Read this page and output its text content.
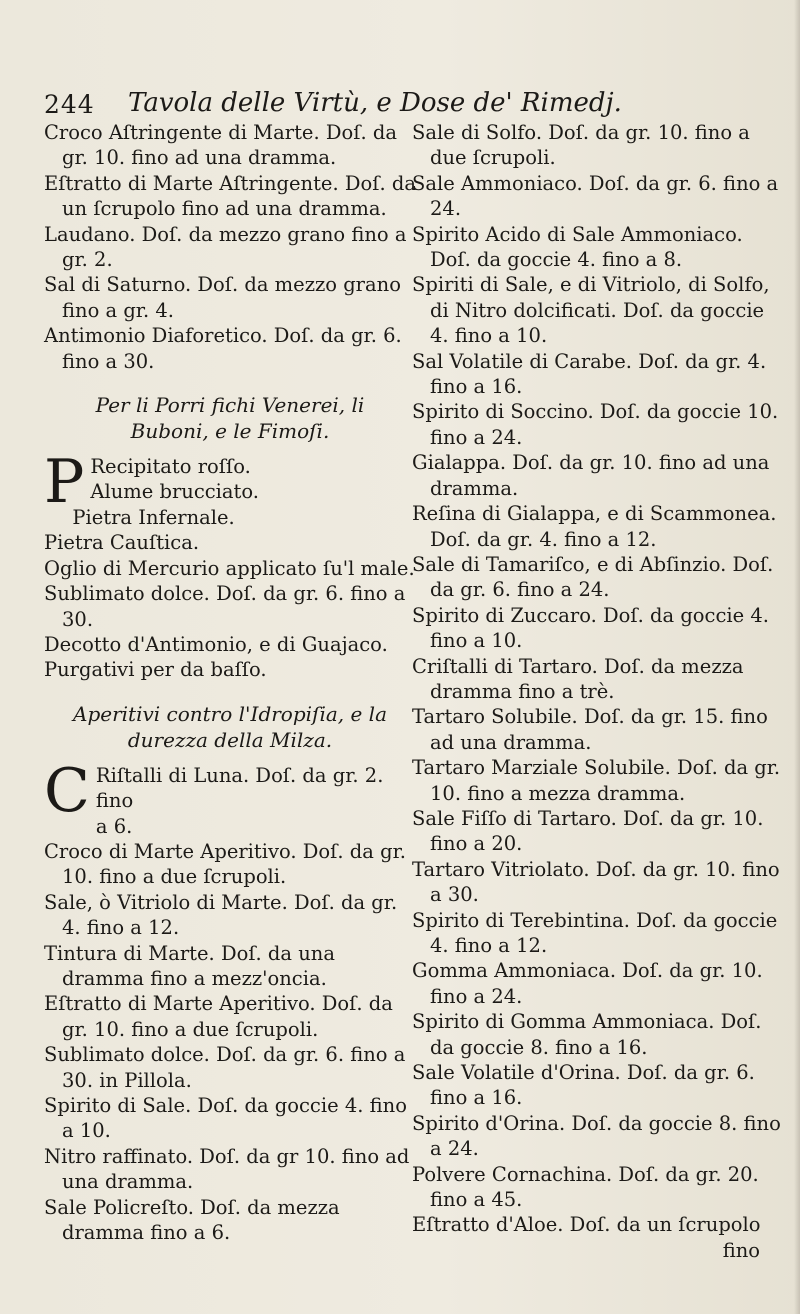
244 Tavola delle Virtù, e Dose de' Rimedj.

Croco Aſtringente di Marte. Doſ. da gr. 10. fino ad una dramma.

Eſtratto di Marte Aſtringente. Doſ. da un ſcrupolo fino ad una dramma.

Laudano. Doſ. da mezzo grano fino a gr. 2.

Sal di Saturno. Doſ. da mezzo grano fino a gr. 4.

Antimonio Diaforetico. Doſ. da gr. 6. fino a 30.

Per li Porri fichi Venerei, li Buboni, e le Fimoſi.
P Recipitato roſſo.
Alume brucciato.

Pietra Infernale.

Pietra Cauſtica.

Oglio di Mercurio applicato ſu'l male.

Sublimato dolce. Doſ. da gr. 6. fino a 30.

Decotto d'Antimonio, e di Guajaco.

Purgativi per da baſſo.

Aperitivi contro l'Idropiſia, e la durezza della Milza.
C Riſtalli di Luna. Doſ. da gr. 2. fino
a 6.

Croco di Marte Aperitivo. Doſ. da gr. 10. fino a due ſcrupoli.

Sale, ò Vitriolo di Marte. Doſ. da gr. 4. fino a 12.

Tintura di Marte. Doſ. da una dramma fino a mezz'oncia.

Eſtratto di Marte Aperitivo. Doſ. da gr. 10. fino a due ſcrupoli.

Sublimato dolce. Doſ. da gr. 6. fino a 30. in Pillola.

Spirito di Sale. Doſ. da goccie 4. fino a 10.

Nitro raffinato. Doſ. da gr 10. fino ad una dramma.

Sale Policreſto. Doſ. da mezza dramma fino a 6.

Sale di Solfo. Doſ. da gr. 10. fino a due ſcrupoli.

Sale Ammoniaco. Doſ. da gr. 6. fino a 24.

Spirito Acido di Sale Ammoniaco. Doſ. da goccie 4. fino a 8.

Spiriti di Sale, e di Vitriolo, di Solfo, di Nitro dolcificati. Doſ. da goccie 4. fino a 10.

Sal Volatile di Carabe. Doſ. da gr. 4. fino a 16.

Spirito di Soccino. Doſ. da goccie 10. fino a 24.

Gialappa. Doſ. da gr. 10. fino ad una dramma.

Reſina di Gialappa, e di Scammonea. Doſ. da gr. 4. fino a 12.

Sale di Tamariſco, e di Abſinzio. Doſ. da gr. 6. fino a 24.

Spirito di Zuccaro. Doſ. da goccie 4. fino a 10.

Criſtalli di Tartaro. Doſ. da mezza dramma fino a trè.

Tartaro Solubile. Doſ. da gr. 15. fino ad una dramma.

Tartaro Marziale Solubile. Doſ. da gr. 10. fino a mezza dramma.

Sale Fiſſo di Tartaro. Doſ. da gr. 10. fino a 20.

Tartaro Vitriolato. Doſ. da gr. 10. fino a 30.

Spirito di Terebintina. Doſ. da goccie 4. fino a 12.

Gomma Ammoniaca. Doſ. da gr. 10. fino a 24.

Spirito di Gomma Ammoniaca. Doſ. da goccie 8. fino a 16.

Sale Volatile d'Orina. Doſ. da gr. 6. fino a 16.

Spirito d'Orina. Doſ. da goccie 8. fino a 24.

Polvere Cornachina. Doſ. da gr. 20. fino a 45.

Eſtratto d'Aloe. Doſ. da un ſcrupolo

fino
